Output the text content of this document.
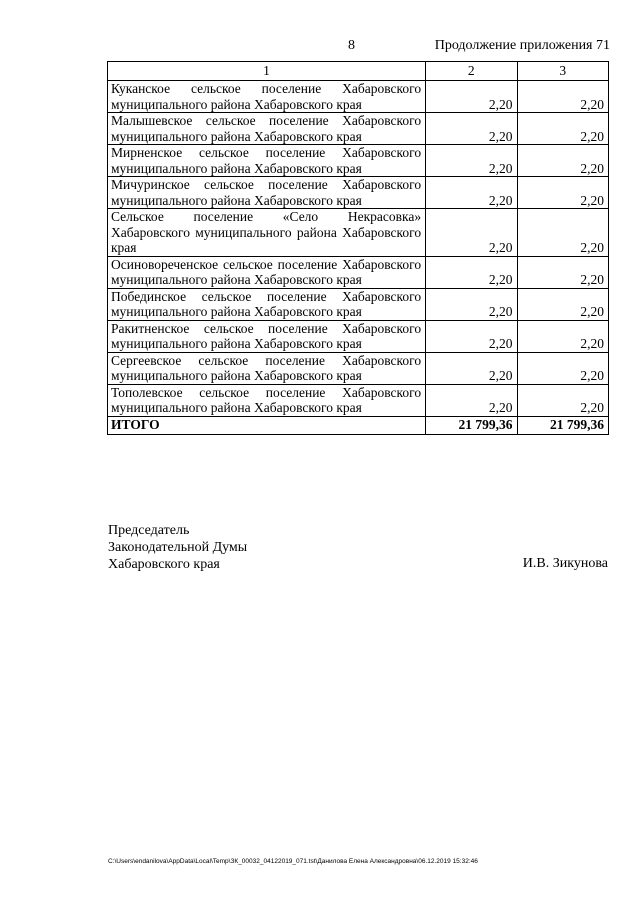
8	Продолжение приложения 71
1	2	3
Куканское сельское поселение Хабаровского муниципального района Хабаровского края	2,20	2,20
Малышевское сельское поселение Хабаровского муниципального района Хабаровского края	2,20	2,20
Мирненское сельское поселение Хабаровского муниципального района Хабаровского края	2,20	2,20
Мичуринское сельское поселение Хабаровского муниципального района Хабаровского края	2,20	2,20
Сельское поселение «Село Некрасовка» Хабаровского муниципального района Хабаровского края	2,20	2,20
Осиновореченское сельское поселение Хабаровского муниципального района Хабаровского края	2,20	2,20
Побединское сельское поселение Хабаровского муниципального района Хабаровского края	2,20	2,20
Ракитненское сельское поселение Хабаровского муниципального района Хабаровского края	2,20	2,20
Сергеевское сельское поселение Хабаровского муниципального района Хабаровского края	2,20	2,20
Тополевское сельское поселение Хабаровского муниципального района Хабаровского края	2,20	2,20
ИТОГО	21 799,36	21 799,36
Председатель
Законодательной Думы
Хабаровского края	И.В. Зикунова
C:\Users\endanilova\AppData\Local\Temp\ЗК_00032_04122019_071.tst\Данилова Елена Александровна\06.12.2019 15:32:46
